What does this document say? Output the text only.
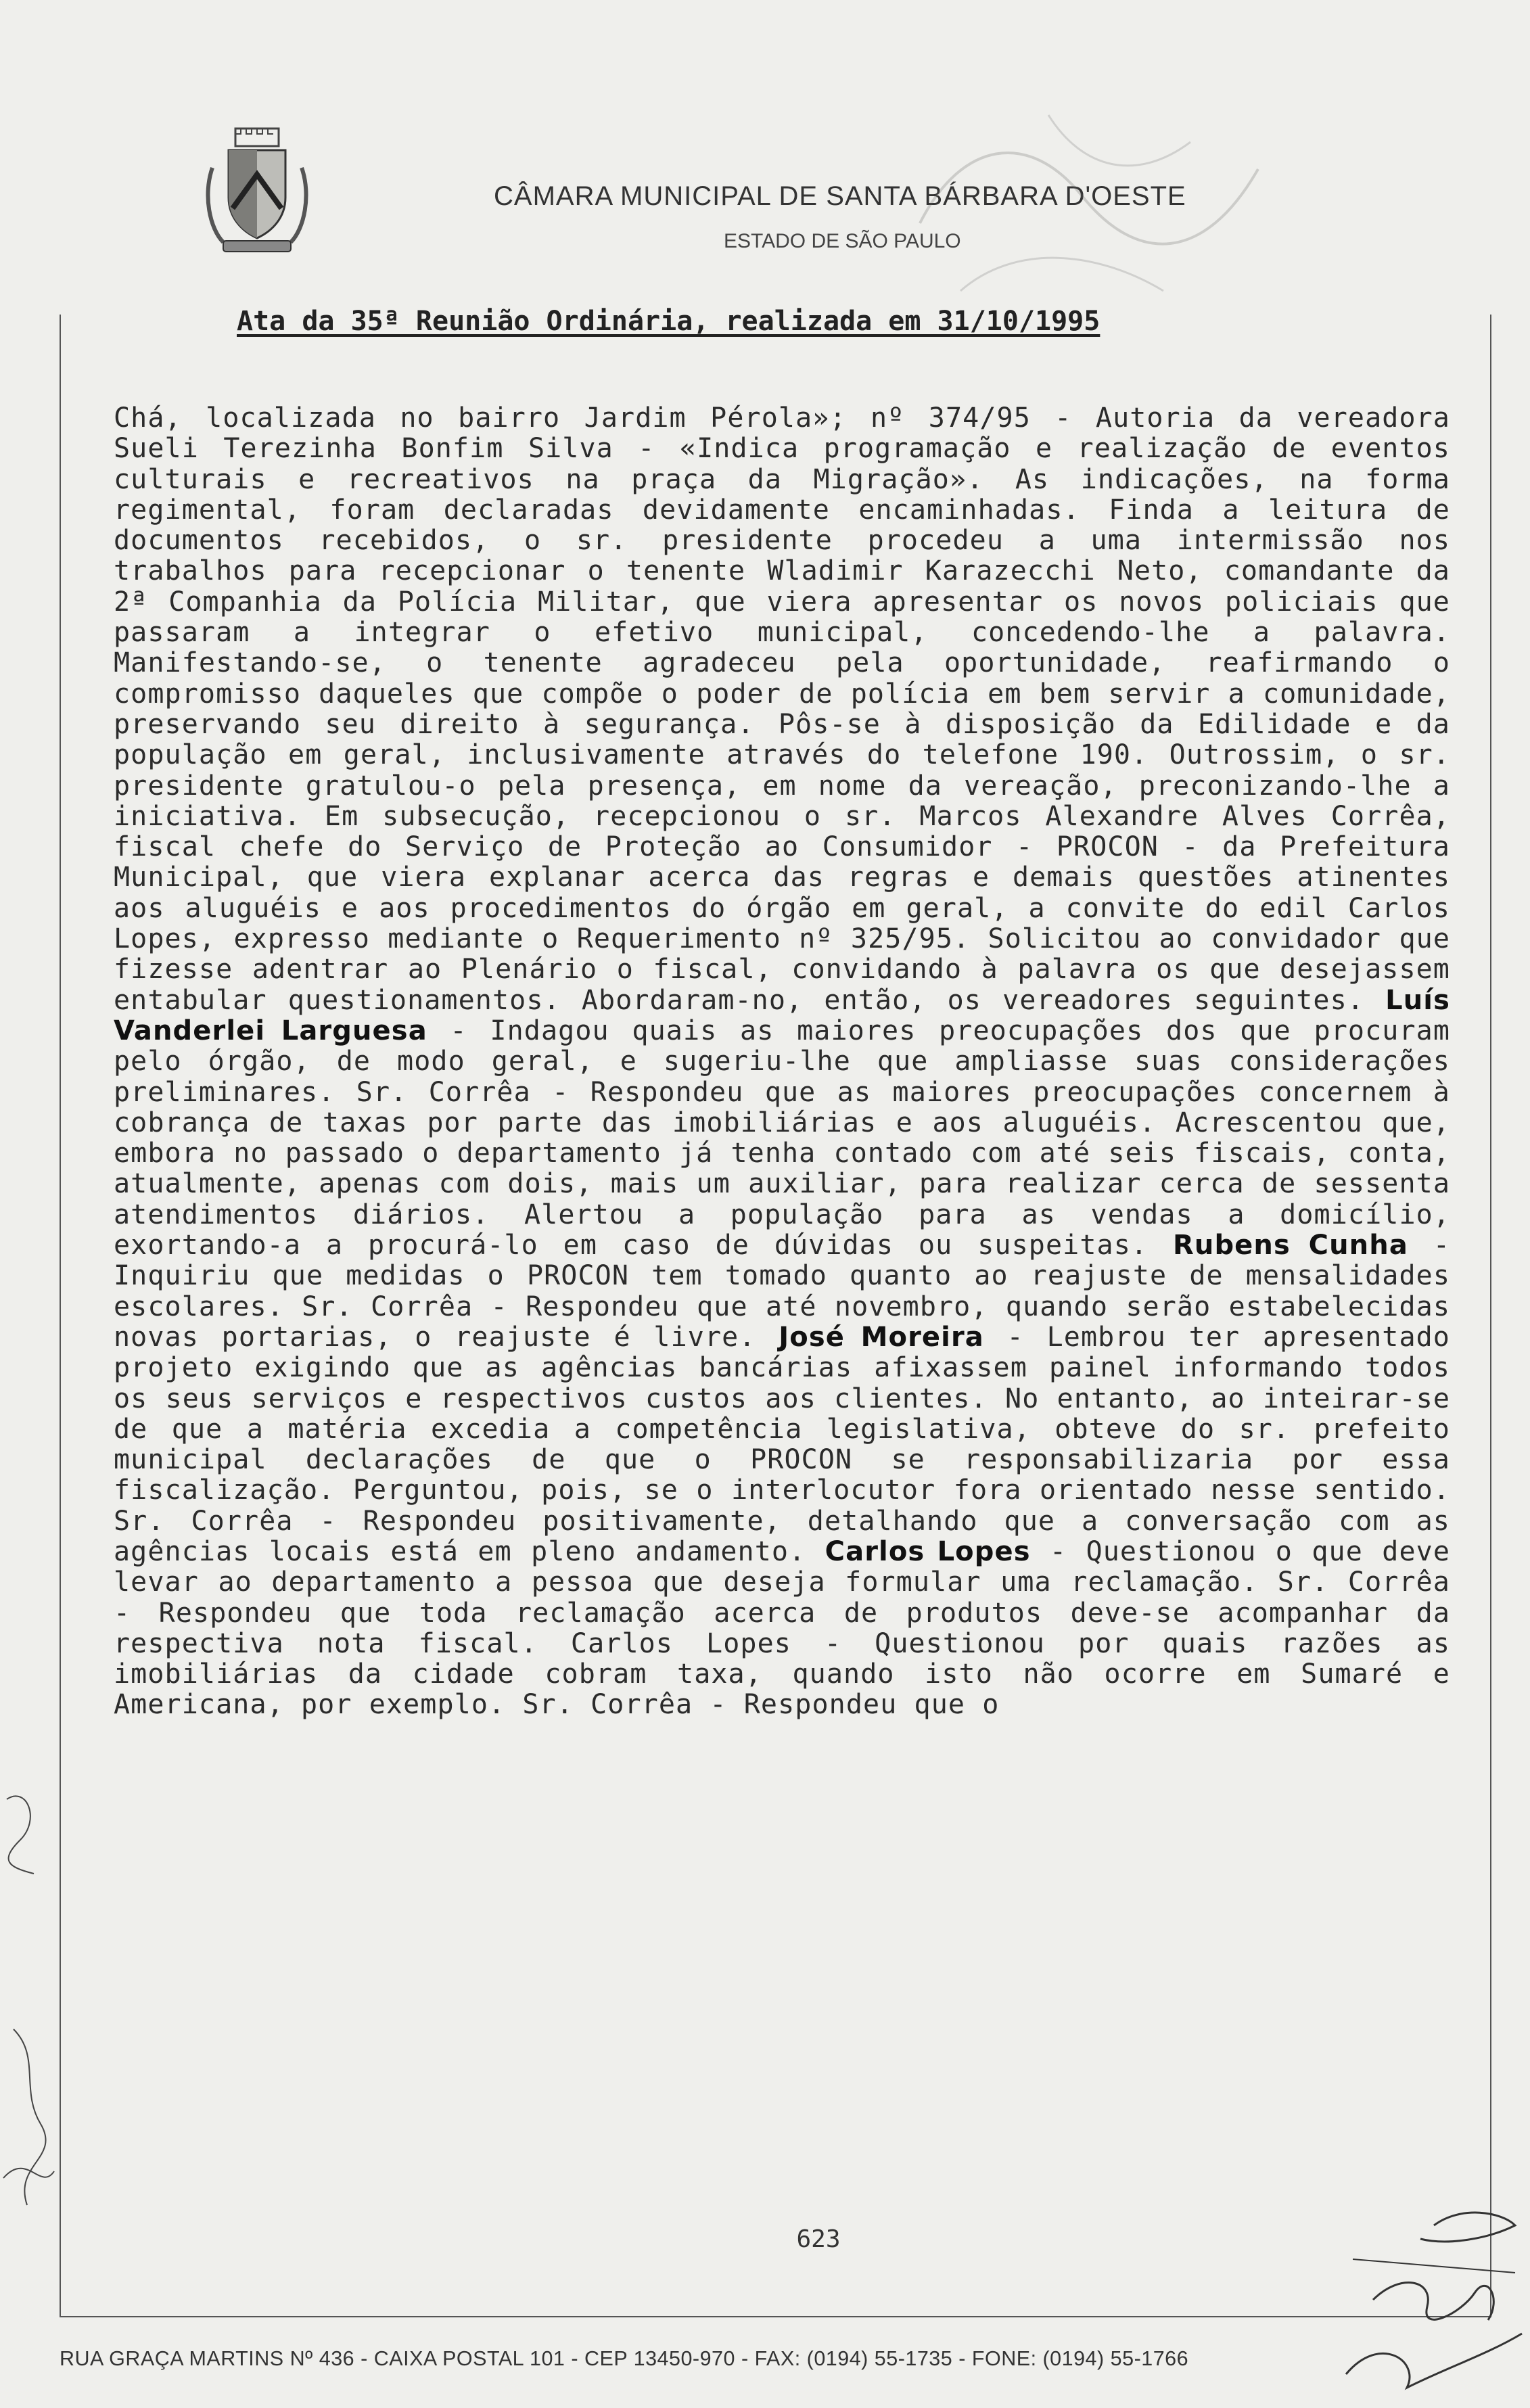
CÂMARA MUNICIPAL DE SANTA BÁRBARA D'OESTE
ESTADO DE SÃO PAULO
Ata da 35ª Reunião Ordinária, realizada em 31/10/1995

Chá, localizada no bairro Jardim Pérola»; nº 374/95 - Autoria da vereadora Sueli Terezinha Bonfim Silva - «Indica programação e realização de eventos culturais e recreativos na praça da Migração». As indicações, na forma regimental, foram declaradas devidamente encaminhadas. Finda a leitura de documentos recebidos, o sr. presidente procedeu a uma intermissão nos trabalhos para recepcionar o tenente Wladimir Karazecchi Neto, comandante da 2ª Companhia da Polícia Militar, que viera apresentar os novos policiais que passaram a integrar o efetivo municipal, concedendo-lhe a palavra. Manifestando-se, o tenente agradeceu pela oportunidade, reafirmando o compromisso daqueles que compõe o poder de polícia em bem servir a comunidade, preservando seu direito à segurança. Pôs-se à disposição da Edilidade e da população em geral, inclusivamente através do telefone 190. Outrossim, o sr. presidente gratulou-o pela presença, em nome da vereação, preconizando-lhe a iniciativa. Em subsecução, recepcionou o sr. Marcos Alexandre Alves Corrêa, fiscal chefe do Serviço de Proteção ao Consumidor - PROCON - da Prefeitura Municipal, que viera explanar acerca das regras e demais questões atinentes aos aluguéis e aos procedimentos do órgão em geral, a convite do edil Carlos Lopes, expresso mediante o Requerimento nº 325/95. Solicitou ao convidador que fizesse adentrar ao Plenário o fiscal, convidando à palavra os que desejassem entabular questionamentos. Abordaram-no, então, os vereadores seguintes. Luís Vanderlei Larguesa - Indagou quais as maiores preocupações dos que procuram pelo órgão, de modo geral, e sugeriu-lhe que ampliasse suas considerações preliminares. Sr. Corrêa - Respondeu que as maiores preocupações concernem à cobrança de taxas por parte das imobiliárias e aos aluguéis. Acrescentou que, embora no passado o departamento já tenha contado com até seis fiscais, conta, atualmente, apenas com dois, mais um auxiliar, para realizar cerca de sessenta atendimentos diários. Alertou a população para as vendas a domicílio, exortando-a a procurá-lo em caso de dúvidas ou suspeitas. Rubens Cunha - Inquiriu que medidas o PROCON tem tomado quanto ao reajuste de mensalidades escolares. Sr. Corrêa - Respondeu que até novembro, quando serão estabelecidas novas portarias, o reajuste é livre. José Moreira - Lembrou ter apresentado projeto exigindo que as agências bancárias afixassem painel informando todos os seus serviços e respectivos custos aos clientes. No entanto, ao inteirar-se de que a matéria excedia a competência legislativa, obteve do sr. prefeito municipal declarações de que o PROCON se responsabilizaria por essa fiscalização. Perguntou, pois, se o interlocutor fora orientado nesse sentido. Sr. Corrêa - Respondeu positivamente, detalhando que a conversação com as agências locais está em pleno andamento. Carlos Lopes - Questionou o que deve levar ao departamento a pessoa que deseja formular uma reclamação. Sr. Corrêa - Respondeu que toda reclamação acerca de produtos deve-se acompanhar da respectiva nota fiscal. Carlos Lopes - Questionou por quais razões as imobiliárias da cidade cobram taxa, quando isto não ocorre em Sumaré e Americana, por exemplo. Sr. Corrêa - Respondeu que o

623
RUA GRAÇA MARTINS Nº 436 - CAIXA POSTAL 101 - CEP 13450-970 - FAX: (0194) 55-1735 - FONE: (0194) 55-1766
